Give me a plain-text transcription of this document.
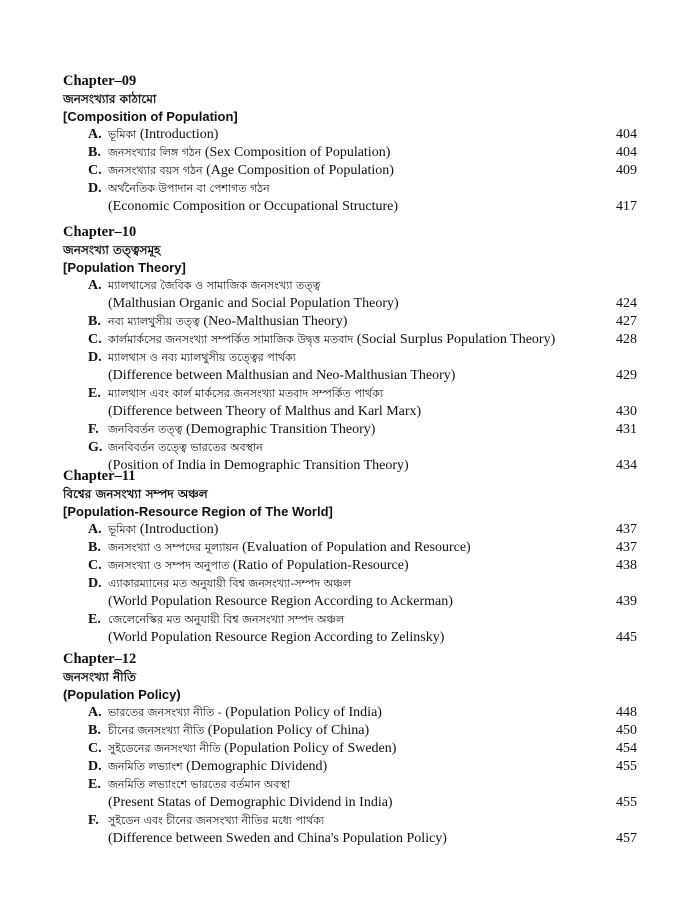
Chapter–09
জনসংখ্যার কাঠামো
[Composition of Population]
A. ভূমিকা (Introduction)	404
B. জনসংখ্যার লিঙ্গ গঠন (Sex Composition of Population)	404
C. জনসংখ্যার বয়স গঠন (Age Composition of Population)	409
D. অর্থনৈতিক উপাদান বা পেশাগত গঠন
(Economic Composition or Occupational Structure)	417
Chapter–10
জনসংখ্যা তত্ত্বসমূহ
[Population Theory]
A. ম্যালথাসের জৈবিক ও সামাজিক জনসংখ্যা তত্ত্ব
(Malthusian Organic and Social Population Theory)	424
B. নব্য ম্যালথুসীয় তত্ত্ব (Neo-Malthusian Theory)	427
C. কার্লমার্কসের জনসংখ্যা সম্পর্কিত সামাজিক উদ্বৃত্ত মতবাদ (Social Surplus Population Theory)	428
D. ম্যালথাস ও নব্য ম্যালথুসীয় তত্ত্বের পার্থক্য
(Difference between Malthusian and Neo-Malthusian Theory)	429
E. ম্যালথাস এবং কার্ল মার্কসের জনসংখ্যা মতবাদ সম্পর্কিত পার্থক্য
(Difference between Theory of Malthus and Karl Marx)	430
F. জনবিবর্তন তত্ত্ব (Demographic Transition Theory)	431
G. জনবিবর্তন তত্ত্বে ভারতের অবস্থান
(Position of India in Demographic Transition Theory)	434
Chapter–11
বিশ্বের জনসংখ্যা সম্পদ অঞ্চল
[Population-Resource Region of The World]
A. ভূমিকা (Introduction)	437
B. জনসংখ্যা ও সম্পদের মূল্যায়ন (Evaluation of Population and Resource)	437
C. জনসংখ্যা ও সম্পদ অনুপাত (Ratio of Population-Resource)	438
D. এ্যাকারম্যানের মত অনুযায়ী বিশ্ব জনসংখ্যা-সম্পদ অঞ্চল
(World Population Resource Region According to Ackerman)	439
E. জেলেনেস্কির মত অনুযায়ী বিশ্ব জনসংখ্যা সম্পদ অঞ্চল
(World Population Resource Region According to Zelinsky)	445
Chapter–12
জনসংখ্যা নীতি
(Population Policy)
A. ভারতের জনসংখ্যা নীতি - (Population Policy of India)	448
B. চীনের জনসংখ্যা নীতি (Population Policy of China)	450
C. সুইডেনের জনসংখ্যা নীতি (Population Policy of Sweden)	454
D. জনমিতি লভ্যাংশ (Demographic Dividend)	455
E. জনমিতি লভ্যাংশে ভারতের বর্তমান অবস্থা
(Present Statas of Demographic Dividend in India)	455
F. সুইডেন এবং চীনের জনসংখ্যা নীতির মধ্যে পার্থক্য
(Difference between Sweden and China's Population Policy)	457
